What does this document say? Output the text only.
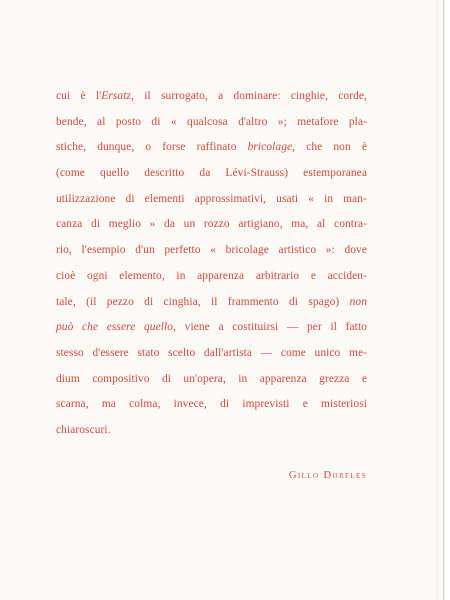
cui è l'Ersatz, il surrogato, a dominare: cinghie, corde,
bende, al posto di « qualcosa d'altro »; metafore pla-
stiche, dunque, o forse raffinato bricolage, che non è
(come quello descritto da Lévi-Strauss) estemporanea
utilizzazione di elementi approssimativi, usati « in man-
canza di meglio » da un rozzo artigiano, ma, al contra-
rio, l'esempio d'un perfetto « bricolage artistico »: dove
cioè ogni elemento, in apparenza arbitrario e acciden-
tale, (il pezzo di cinghia, il frammento di spago) non
può che essere quello, viene a costituirsi — per il fatto
stesso d'essere stato scelto dall'artista — come unico me-
dium compositivo di un'opera, in apparenza grezza e
scarna, ma colma, invece, di imprevisti e misteriosi
chiaroscuri.

Gillo Dorfles
